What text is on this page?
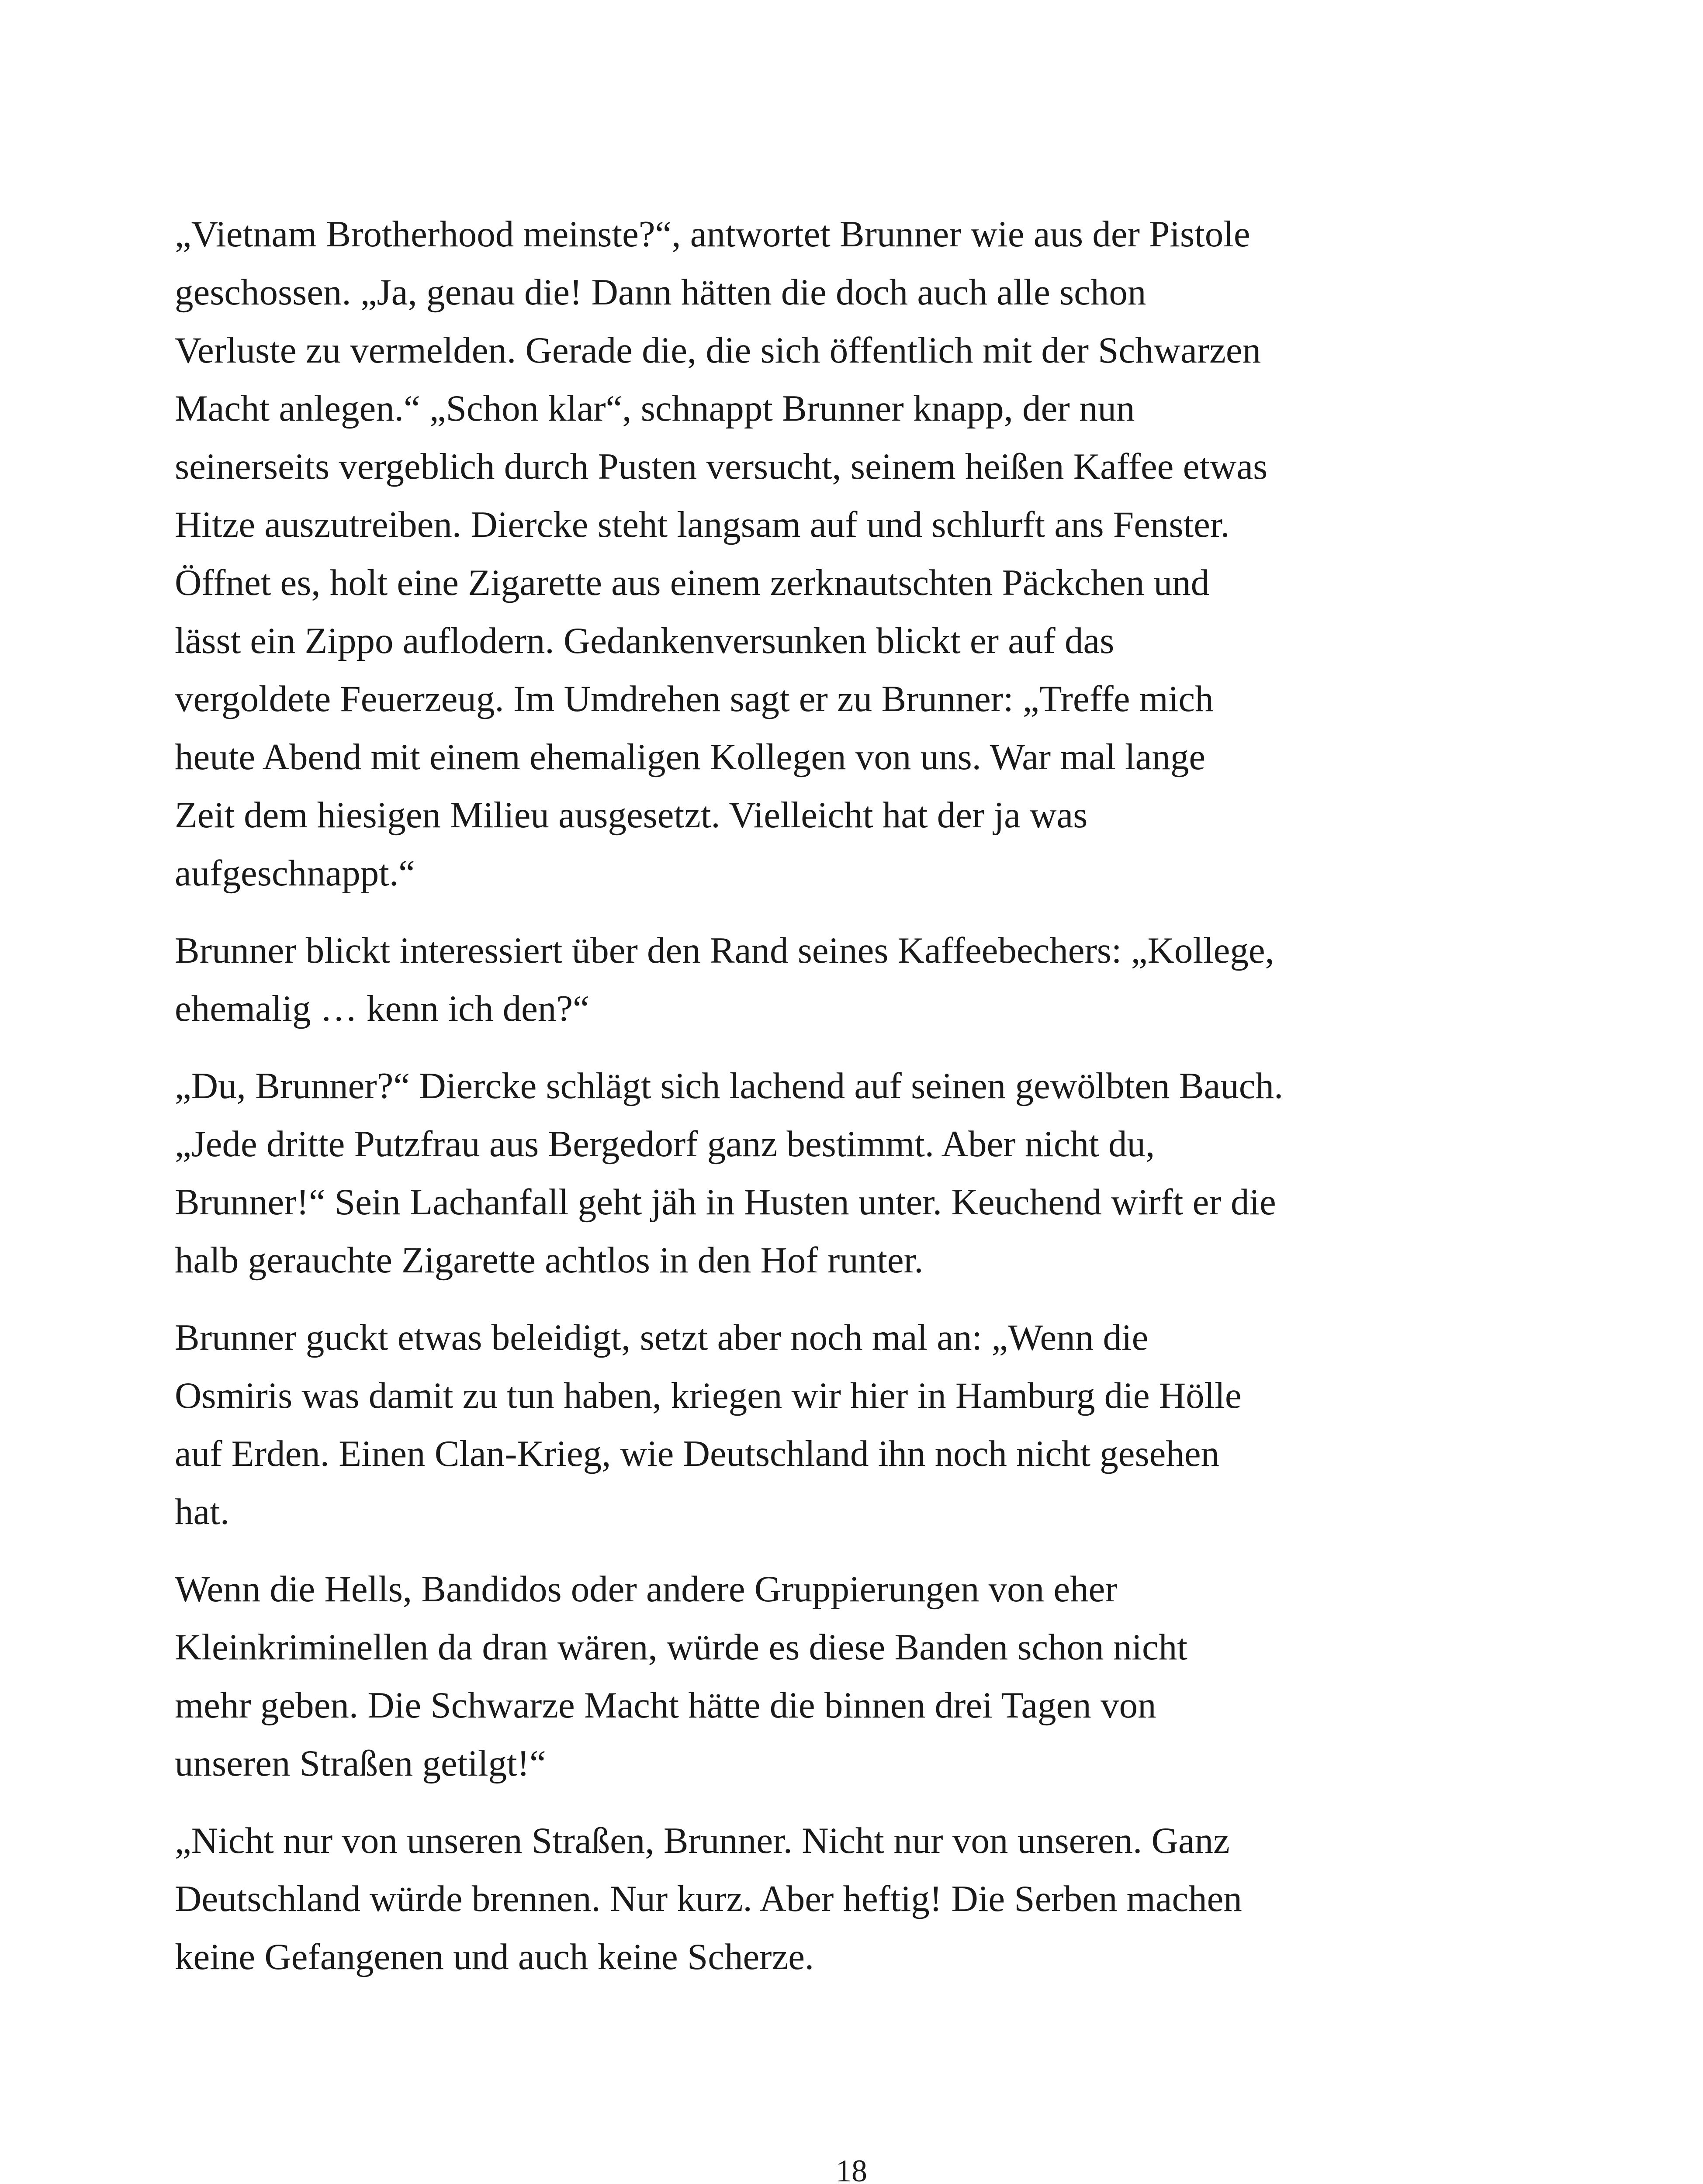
„Vietnam Brotherhood meinste?“, antwortet Brunner wie aus der Pistole
geschossen. „Ja, genau die! Dann hätten die doch auch alle schon
Verluste zu vermelden. Gerade die, die sich öffentlich mit der Schwarzen
Macht anlegen.“ „Schon klar“, schnappt Brunner knapp, der nun
seinerseits vergeblich durch Pusten versucht, seinem heißen Kaffee etwas
Hitze auszutreiben. Diercke steht langsam auf und schlurft ans Fenster.
Öffnet es, holt eine Zigarette aus einem zerknautschten Päckchen und
lässt ein Zippo auflodern. Gedankenversunken blickt er auf das
vergoldete Feuerzeug. Im Umdrehen sagt er zu Brunner: „Treffe mich
heute Abend mit einem ehemaligen Kollegen von uns. War mal lange
Zeit dem hiesigen Milieu ausgesetzt. Vielleicht hat der ja was
aufgeschnappt.“

Brunner blickt interessiert über den Rand seines Kaffeebechers: „Kollege,
ehemalig … kenn ich den?“

„Du, Brunner?“ Diercke schlägt sich lachend auf seinen gewölbten Bauch.
„Jede dritte Putzfrau aus Bergedorf ganz bestimmt. Aber nicht du,
Brunner!“ Sein Lachanfall geht jäh in Husten unter. Keuchend wirft er die
halb gerauchte Zigarette achtlos in den Hof runter.

Brunner guckt etwas beleidigt, setzt aber noch mal an: „Wenn die
Osmiris was damit zu tun haben, kriegen wir hier in Hamburg die Hölle
auf Erden. Einen Clan-Krieg, wie Deutschland ihn noch nicht gesehen
hat.

Wenn die Hells, Bandidos oder andere Gruppierungen von eher
Kleinkriminellen da dran wären, würde es diese Banden schon nicht
mehr geben. Die Schwarze Macht hätte die binnen drei Tagen von
unseren Straßen getilgt!“

„Nicht nur von unseren Straßen, Brunner. Nicht nur von unseren. Ganz
Deutschland würde brennen. Nur kurz. Aber heftig! Die Serben machen
keine Gefangenen und auch keine Scherze.

18
